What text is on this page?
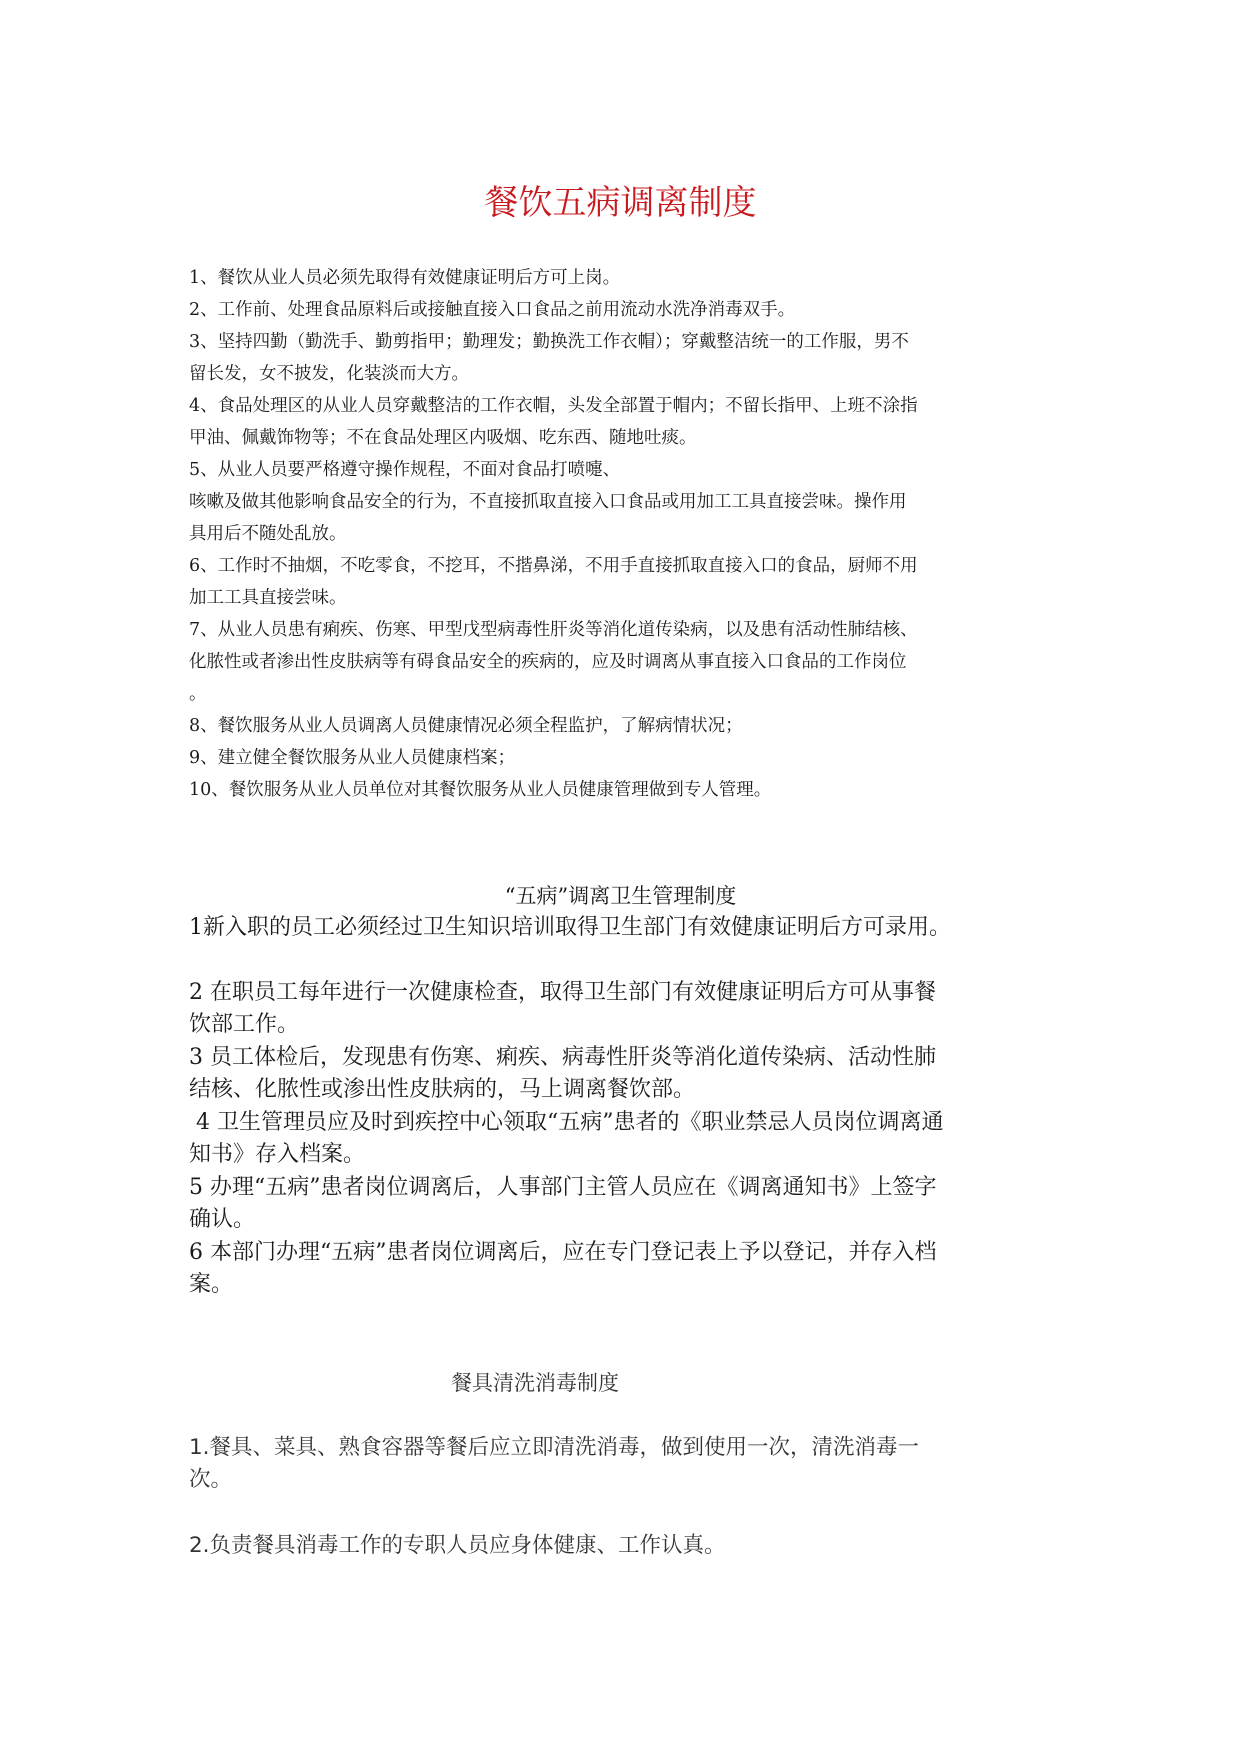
餐饮五病调离制度

1、餐饮从业人员必须先取得有效健康证明后方可上岗。

2、工作前、处理食品原料后或接触直接入口食品之前用流动水洗净消毒双手。

3、坚持四勤（勤洗手、勤剪指甲；勤理发；勤换洗工作衣帽）；穿戴整洁统一的工作服，男不

留长发，女不披发，化装淡而大方。

4、食品处理区的从业人员穿戴整洁的工作衣帽，头发全部置于帽内；不留长指甲、上班不涂指

甲油、佩戴饰物等；不在食品处理区内吸烟、吃东西、随地吐痰。

5、从业人员要严格遵守操作规程，不面对食品打喷嚏、

咳嗽及做其他影响食品安全的行为，不直接抓取直接入口食品或用加工工具直接尝味。操作用

具用后不随处乱放。

6、工作时不抽烟，不吃零食，不挖耳，不揩鼻涕，不用手直接抓取直接入口的食品，厨师不用

加工工具直接尝味。

7、从业人员患有痢疾、伤寒、甲型戊型病毒性肝炎等消化道传染病，以及患有活动性肺结核、

化脓性或者渗出性皮肤病等有碍食品安全的疾病的，应及时调离从事直接入口食品的工作岗位

。

8、餐饮服务从业人员调离人员健康情况必须全程监护，了解病情状况；

9、建立健全餐饮服务从业人员健康档案；

10、餐饮服务从业人员单位对其餐饮服务从业人员健康管理做到专人管理。

“五病”调离卫生管理制度

1新入职的员工必须经过卫生知识培训取得卫生部门有效健康证明后方可录用。

2 在职员工每年进行一次健康检查，取得卫生部门有效健康证明后方可从事餐

饮部工作。

3 员工体检后，发现患有伤寒、痢疾、病毒性肝炎等消化道传染病、活动性肺

结核、化脓性或渗出性皮肤病的，马上调离餐饮部。

4 卫生管理员应及时到疾控中心领取“五病”患者的《职业禁忌人员岗位调离通

知书》存入档案。

5 办理“五病”患者岗位调离后，人事部门主管人员应在《调离通知书》上签字

确认。

6 本部门办理“五病”患者岗位调离后，应在专门登记表上予以登记，并存入档

案。

餐具清洗消毒制度

1.餐具、菜具、熟食容器等餐后应立即清洗消毒，做到使用一次，清洗消毒一

次。

2.负责餐具消毒工作的专职人员应身体健康、工作认真。
